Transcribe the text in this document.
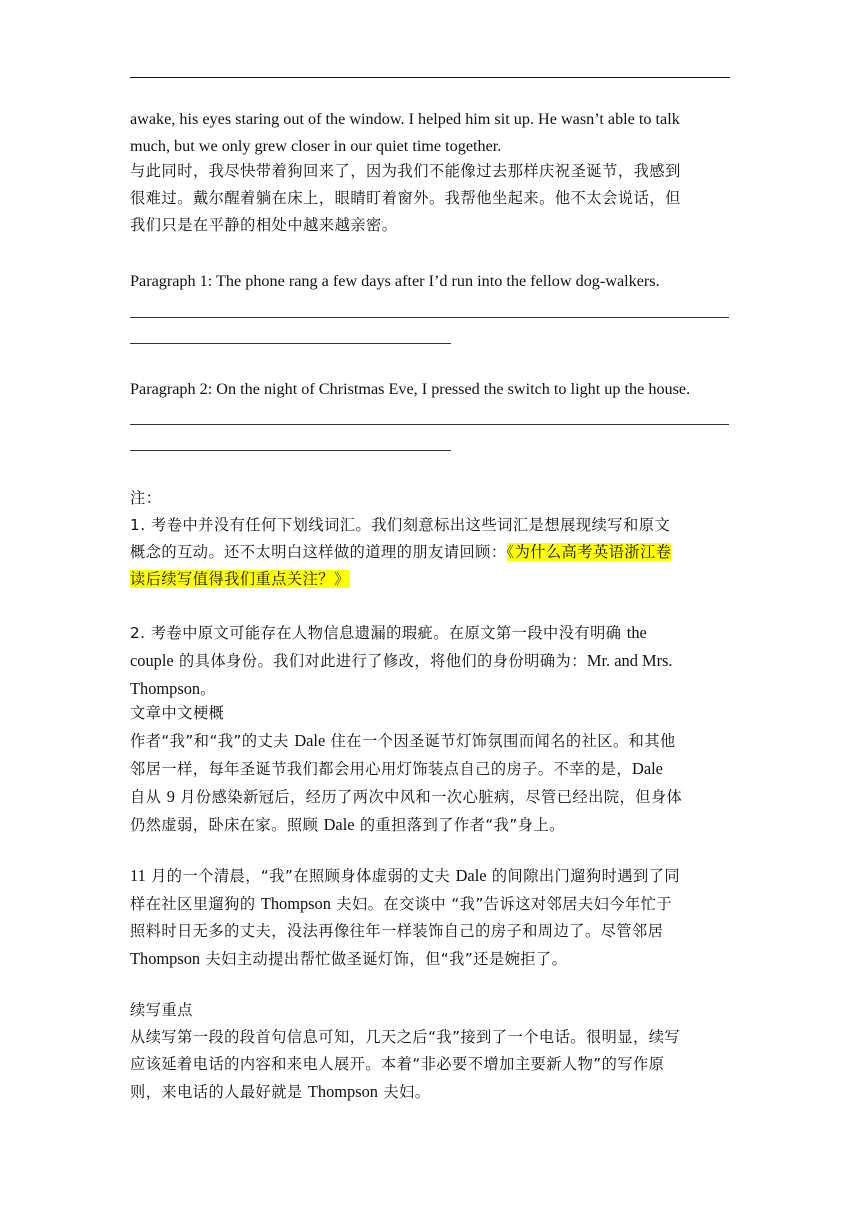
awake, his eyes staring out of the window. I helped him sit up. He wasn’t able to talk
much, but we only grew closer in our quiet time together.
与此同时，我尽快带着狗回来了，因为我们不能像过去那样庆祝圣诞节，我感到
很难过。戴尔醒着躺在床上，眼睛盯着窗外。我帮他坐起来。他不太会说话，但
我们只是在平静的相处中越来越亲密。
Paragraph 1: The phone rang a few days after I’d run into the fellow dog-walkers.
Paragraph 2: On the night of Christmas Eve, I pressed the switch to light up the house.
注：
1. 考卷中并没有任何下划线词汇。我们刻意标出这些词汇是想展现续写和原文
概念的互动。还不太明白这样做的道理的朋友请回顾：《为什么高考英语浙江卷
读后续写值得我们重点关注？》
2. 考卷中原文可能存在人物信息遗漏的瑕疵。在原文第一段中没有明确 the
couple 的具体身份。我们对此进行了修改，将他们的身份明确为：Mr. and Mrs.
Thompson。
文章中文梗概
作者“我”和“我”的丈夫 Dale 住在一个因圣诞节灯饰氛围而闻名的社区。和其他
邻居一样，每年圣诞节我们都会用心用灯饰装点自己的房子。不幸的是，Dale
自从 9 月份感染新冠后，经历了两次中风和一次心脏病，尽管已经出院，但身体
仍然虚弱，卧床在家。照顾 Dale 的重担落到了作者“我”身上。
11 月的一个清晨，“我”在照顾身体虚弱的丈夫 Dale 的间隙出门遛狗时遇到了同
样在社区里遛狗的 Thompson 夫妇。在交谈中 “我”告诉这对邻居夫妇今年忙于
照料时日无多的丈夫，没法再像往年一样装饰自己的房子和周边了。尽管邻居
Thompson 夫妇主动提出帮忙做圣诞灯饰，但“我”还是婉拒了。
续写重点
从续写第一段的段首句信息可知，几天之后“我”接到了一个电话。很明显，续写
应该延着电话的内容和来电人展开。本着“非必要不增加主要新人物”的写作原
则，来电话的人最好就是 Thompson 夫妇。
